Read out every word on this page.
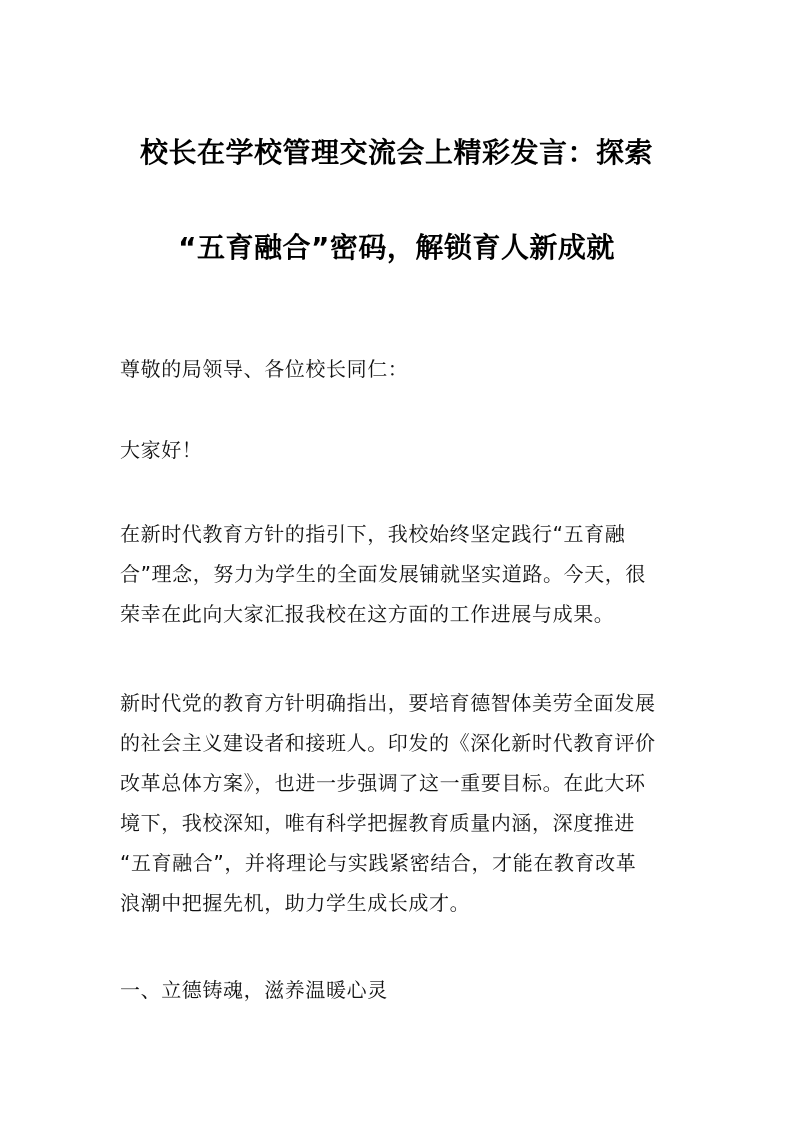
校长在学校管理交流会上精彩发言：探索
“五育融合”密码，解锁育人新成就

尊敬的局领导、各位校长同仁：

大家好！

在新时代教育方针的指引下，我校始终坚定践行“五育融
合”理念，努力为学生的全面发展铺就坚实道路。今天，很
荣幸在此向大家汇报我校在这方面的工作进展与成果。

新时代党的教育方针明确指出，要培育德智体美劳全面发展
的社会主义建设者和接班人。印发的《深化新时代教育评价
改革总体方案》，也进一步强调了这一重要目标。在此大环
境下，我校深知，唯有科学把握教育质量内涵，深度推进
“五育融合”，并将理论与实践紧密结合，才能在教育改革
浪潮中把握先机，助力学生成长成才。

一、立德铸魂，滋养温暖心灵
